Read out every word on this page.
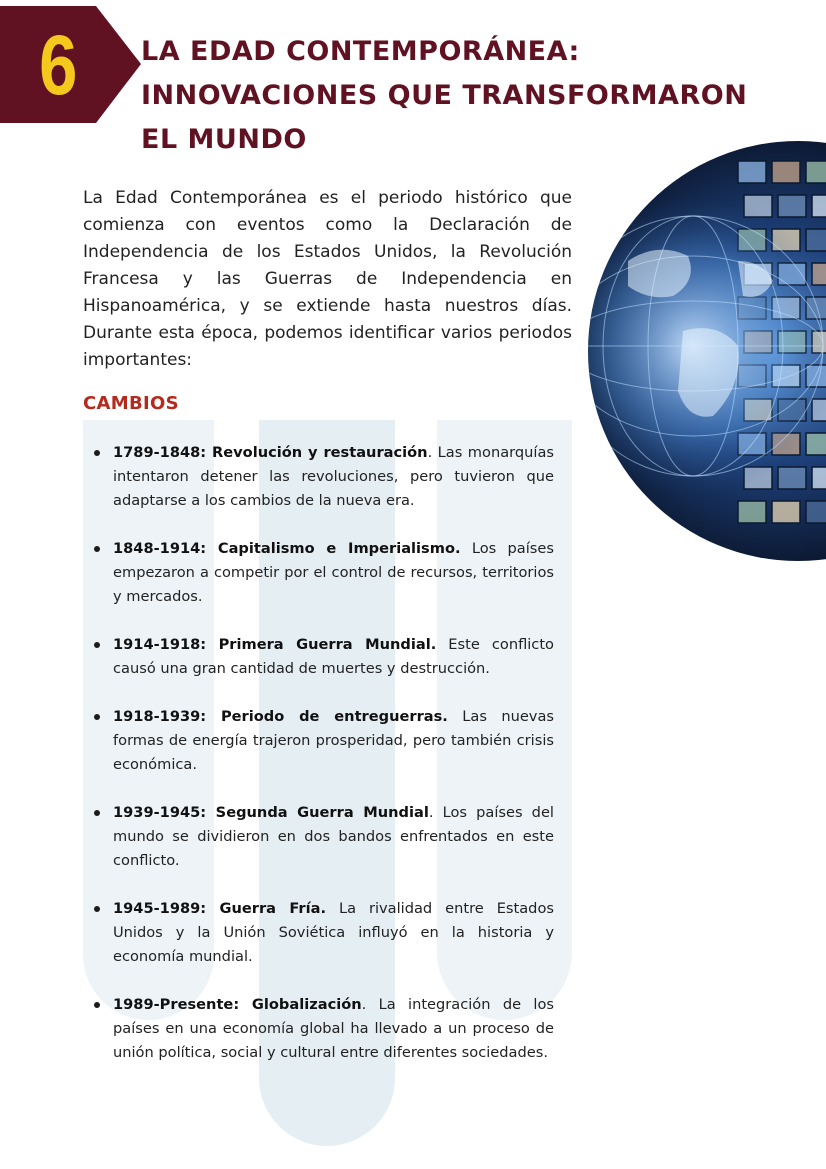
6	LA EDAD CONTEMPORÁNEA: INNOVACIONES QUE TRANSFORMARON EL MUNDO

La Edad Contemporánea es el periodo histórico que comienza con eventos como la Declaración de Independencia de los Estados Unidos, la Revolución Francesa y las Guerras de Independencia en Hispanoamérica, y se extiende hasta nuestros días. Durante esta época, podemos identificar varios periodos importantes:

CAMBIOS
1789-1848: Revolución y restauración. Las monarquías intentaron detener las revoluciones, pero tuvieron que adaptarse a los cambios de la nueva era.
1848-1914: Capitalismo e Imperialismo. Los países empezaron a competir por el control de recursos, territorios y mercados.
1914-1918: Primera Guerra Mundial. Este conflicto causó una gran cantidad de muertes y destrucción.
1918-1939: Periodo de entreguerras. Las nuevas formas de energía trajeron prosperidad, pero también crisis económica.
1939-1945: Segunda Guerra Mundial. Los países del mundo se dividieron en dos bandos enfrentados en este conflicto.
1945-1989: Guerra Fría. La rivalidad entre Estados Unidos y la Unión Soviética influyó en la historia y economía mundial.
1989-Presente: Globalización. La integración de los países en una economía global ha llevado a un proceso de unión política, social y cultural entre diferentes sociedades.
